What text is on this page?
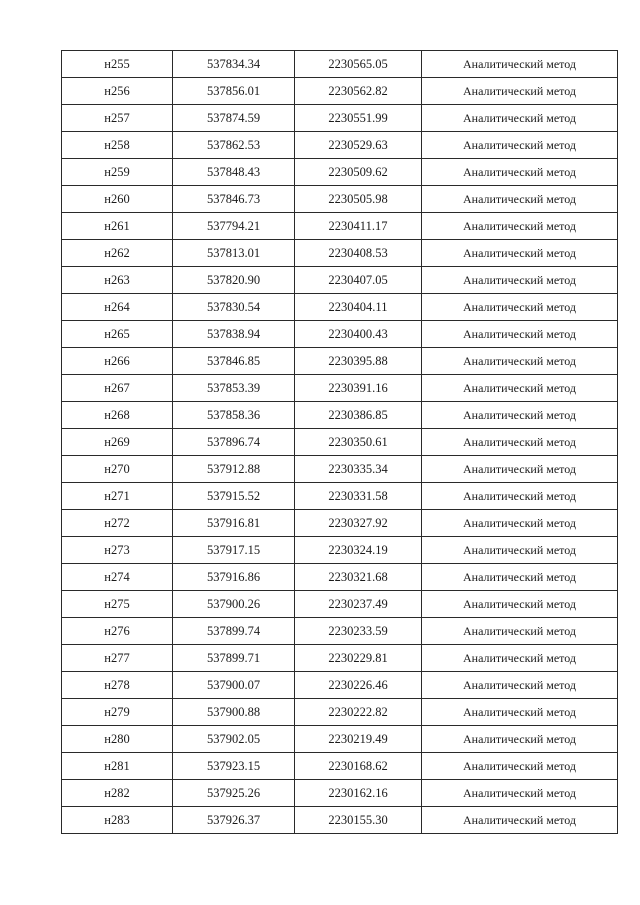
н255	537834.34	2230565.05	Аналитический метод
н256	537856.01	2230562.82	Аналитический метод
н257	537874.59	2230551.99	Аналитический метод
н258	537862.53	2230529.63	Аналитический метод
н259	537848.43	2230509.62	Аналитический метод
н260	537846.73	2230505.98	Аналитический метод
н261	537794.21	2230411.17	Аналитический метод
н262	537813.01	2230408.53	Аналитический метод
н263	537820.90	2230407.05	Аналитический метод
н264	537830.54	2230404.11	Аналитический метод
н265	537838.94	2230400.43	Аналитический метод
н266	537846.85	2230395.88	Аналитический метод
н267	537853.39	2230391.16	Аналитический метод
н268	537858.36	2230386.85	Аналитический метод
н269	537896.74	2230350.61	Аналитический метод
н270	537912.88	2230335.34	Аналитический метод
н271	537915.52	2230331.58	Аналитический метод
н272	537916.81	2230327.92	Аналитический метод
н273	537917.15	2230324.19	Аналитический метод
н274	537916.86	2230321.68	Аналитический метод
н275	537900.26	2230237.49	Аналитический метод
н276	537899.74	2230233.59	Аналитический метод
н277	537899.71	2230229.81	Аналитический метод
н278	537900.07	2230226.46	Аналитический метод
н279	537900.88	2230222.82	Аналитический метод
н280	537902.05	2230219.49	Аналитический метод
н281	537923.15	2230168.62	Аналитический метод
н282	537925.26	2230162.16	Аналитический метод
н283	537926.37	2230155.30	Аналитический метод
